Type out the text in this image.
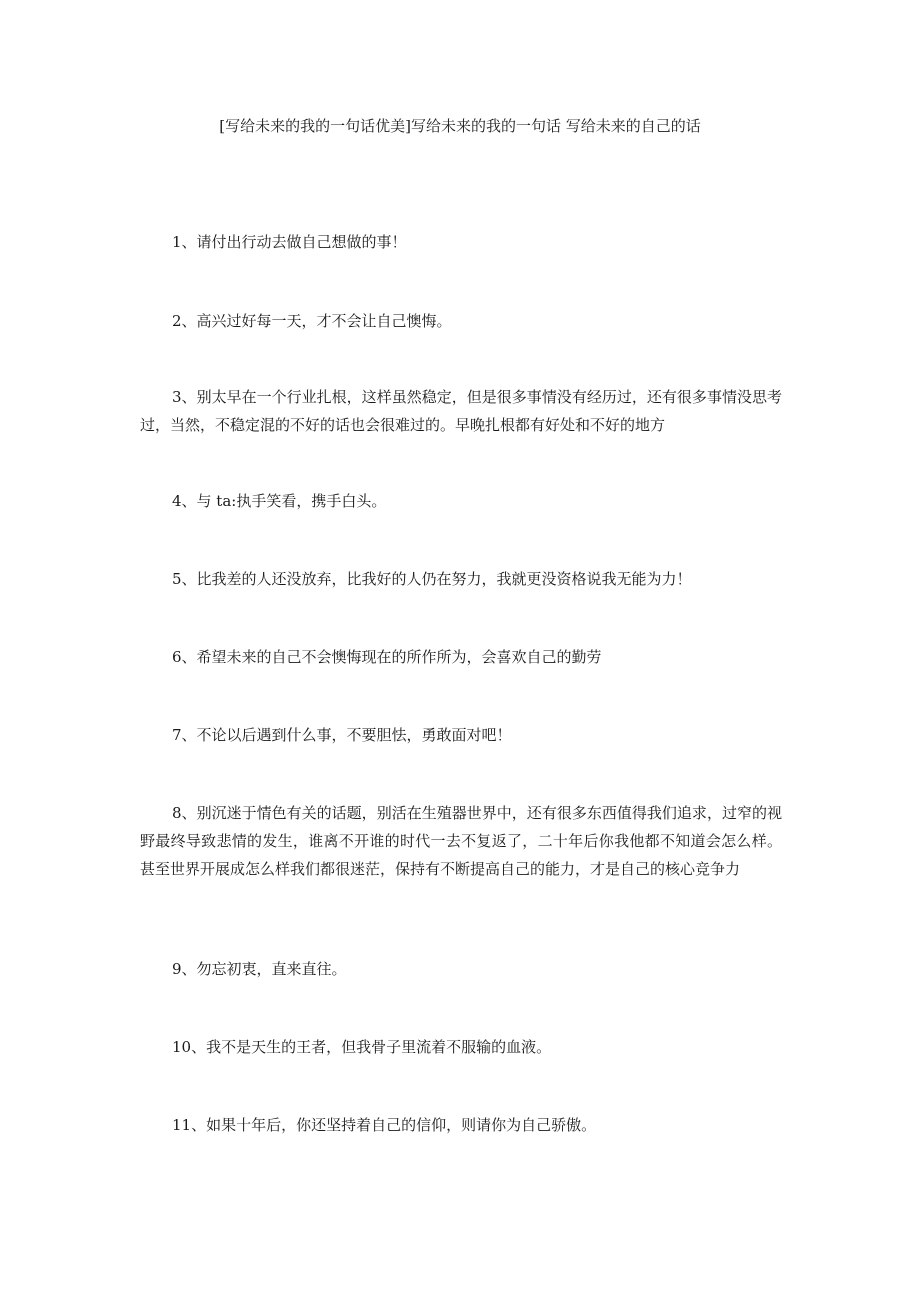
[写给未来的我的一句话优美]写给未来的我的一句话 写给未来的自己的话

1、请付出行动去做自己想做的事！

2、高兴过好每一天，才不会让自己懊悔。

3、别太早在一个行业扎根，这样虽然稳定，但是很多事情没有经历过，还有很多事情没思考过，当然，不稳定混的不好的话也会很难过的。早晚扎根都有好处和不好的地方

4、与 ta:执手笑看，携手白头。

5、比我差的人还没放弃，比我好的人仍在努力，我就更没资格说我无能为力！

6、希望未来的自己不会懊悔现在的所作所为，会喜欢自己的勤劳

7、不论以后遇到什么事，不要胆怯，勇敢面对吧！

8、别沉迷于情色有关的话题，别活在生殖器世界中，还有很多东西值得我们追求，过窄的视野最终导致悲情的发生，谁离不开谁的时代一去不复返了，二十年后你我他都不知道会怎么样。甚至世界开展成怎么样我们都很迷茫，保持有不断提高自己的能力，才是自己的核心竞争力

9、勿忘初衷，直来直往。

10、我不是天生的王者，但我骨子里流着不服输的血液。

11、如果十年后，你还坚持着自己的信仰，则请你为自己骄傲。
